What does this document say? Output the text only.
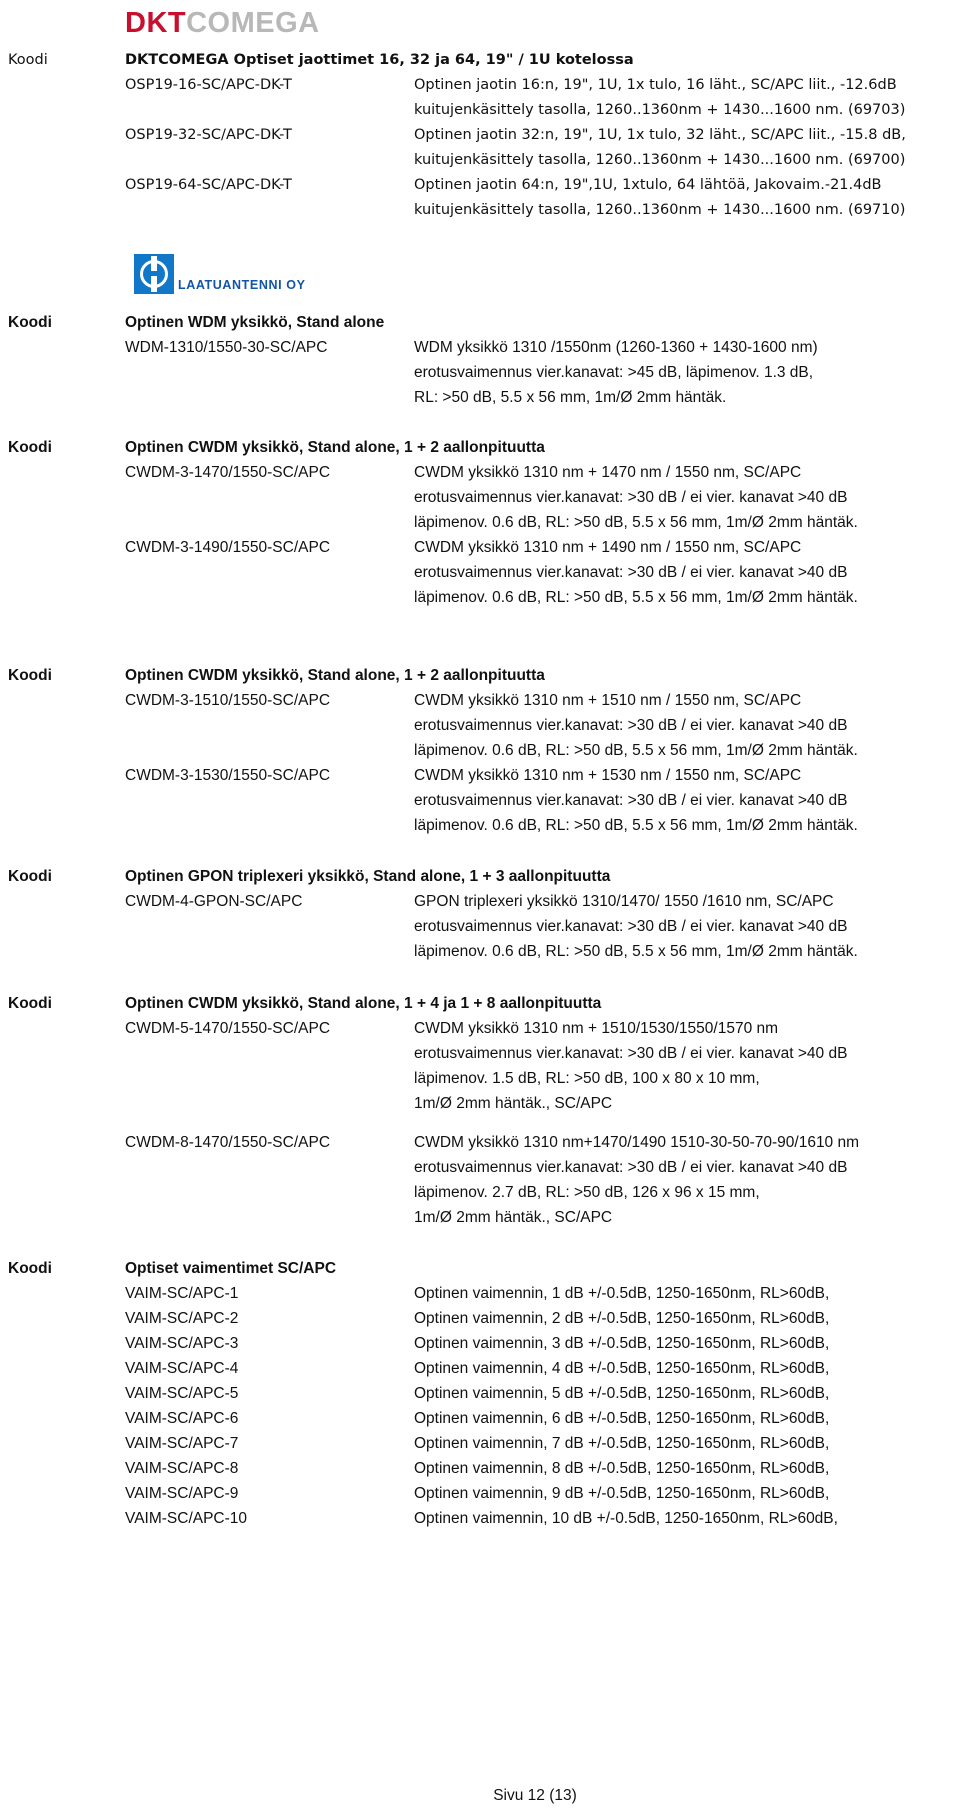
DKTCOMEGA
LAATUANTENNI OY
Koodi	DKTCOMEGA Optiset jaottimet 16, 32 ja 64, 19" / 1U kotelossa
OSP19-16-SC/APC-DK-T	Optinen jaotin 16:n, 19", 1U, 1x tulo, 16 läht., SC/APC liit., -12.6dB
kuitujenkäsittely tasolla, 1260..1360nm + 1430...1600 nm. (69703)
OSP19-32-SC/APC-DK-T	Optinen jaotin 32:n, 19", 1U, 1x tulo, 32 läht., SC/APC liit., -15.8 dB,
kuitujenkäsittely tasolla, 1260..1360nm + 1430...1600 nm. (69700)
OSP19-64-SC/APC-DK-T	Optinen jaotin 64:n, 19",1U, 1xtulo, 64 lähtöä, Jakovaim.-21.4dB
kuitujenkäsittely tasolla, 1260..1360nm + 1430...1600 nm. (69710)
Koodi	Optinen WDM yksikkö, Stand alone
WDM-1310/1550-30-SC/APC	WDM yksikkö 1310 /1550nm (1260-1360 + 1430-1600 nm)
erotusvaimennus vier.kanavat: >45 dB, läpimenov. 1.3 dB,
RL: >50 dB, 5.5 x 56 mm, 1m/Ø 2mm häntäk.
Koodi	Optinen CWDM yksikkö, Stand alone, 1 + 2 aallonpituutta
CWDM-3-1470/1550-SC/APC	CWDM yksikkö 1310 nm + 1470 nm / 1550 nm, SC/APC
erotusvaimennus vier.kanavat: >30 dB / ei vier. kanavat >40 dB
läpimenov. 0.6 dB, RL: >50 dB, 5.5 x 56 mm, 1m/Ø 2mm häntäk.
CWDM-3-1490/1550-SC/APC	CWDM yksikkö 1310 nm + 1490 nm / 1550 nm, SC/APC
erotusvaimennus vier.kanavat: >30 dB / ei vier. kanavat >40 dB
läpimenov. 0.6 dB, RL: >50 dB, 5.5 x 56 mm, 1m/Ø 2mm häntäk.
Koodi	Optinen CWDM yksikkö, Stand alone, 1 + 2 aallonpituutta
CWDM-3-1510/1550-SC/APC	CWDM yksikkö 1310 nm + 1510 nm / 1550 nm, SC/APC
erotusvaimennus vier.kanavat: >30 dB / ei vier. kanavat >40 dB
läpimenov. 0.6 dB, RL: >50 dB, 5.5 x 56 mm, 1m/Ø 2mm häntäk.
CWDM-3-1530/1550-SC/APC	CWDM yksikkö 1310 nm + 1530 nm / 1550 nm, SC/APC
erotusvaimennus vier.kanavat: >30 dB / ei vier. kanavat >40 dB
läpimenov. 0.6 dB, RL: >50 dB, 5.5 x 56 mm, 1m/Ø 2mm häntäk.
Koodi	Optinen GPON triplexeri yksikkö, Stand alone, 1 + 3 aallonpituutta
CWDM-4-GPON-SC/APC	GPON triplexeri yksikkö 1310/1470/ 1550 /1610 nm, SC/APC
erotusvaimennus vier.kanavat: >30 dB / ei vier. kanavat >40 dB
läpimenov. 0.6 dB, RL: >50 dB, 5.5 x 56 mm, 1m/Ø 2mm häntäk.
Koodi	Optinen CWDM yksikkö, Stand alone, 1 + 4 ja 1 + 8 aallonpituutta
CWDM-5-1470/1550-SC/APC	CWDM yksikkö 1310 nm + 1510/1530/1550/1570 nm
erotusvaimennus vier.kanavat: >30 dB / ei vier. kanavat >40 dB
läpimenov. 1.5 dB, RL: >50 dB, 100 x 80 x 10 mm,
1m/Ø 2mm häntäk., SC/APC
CWDM-8-1470/1550-SC/APC	CWDM yksikkö 1310 nm+1470/1490 1510-30-50-70-90/1610 nm
erotusvaimennus vier.kanavat: >30 dB / ei vier. kanavat >40 dB
läpimenov. 2.7 dB, RL: >50 dB, 126 x 96 x 15 mm,
1m/Ø 2mm häntäk., SC/APC
Koodi	Optiset vaimentimet SC/APC
VAIM-SC/APC-1	Optinen vaimennin, 1 dB +/-0.5dB, 1250-1650nm, RL>60dB,
VAIM-SC/APC-2	Optinen vaimennin, 2 dB +/-0.5dB, 1250-1650nm, RL>60dB,
VAIM-SC/APC-3	Optinen vaimennin, 3 dB +/-0.5dB, 1250-1650nm, RL>60dB,
VAIM-SC/APC-4	Optinen vaimennin, 4 dB +/-0.5dB, 1250-1650nm, RL>60dB,
VAIM-SC/APC-5	Optinen vaimennin, 5 dB +/-0.5dB, 1250-1650nm, RL>60dB,
VAIM-SC/APC-6	Optinen vaimennin, 6 dB +/-0.5dB, 1250-1650nm, RL>60dB,
VAIM-SC/APC-7	Optinen vaimennin, 7 dB +/-0.5dB, 1250-1650nm, RL>60dB,
VAIM-SC/APC-8	Optinen vaimennin, 8 dB +/-0.5dB, 1250-1650nm, RL>60dB,
VAIM-SC/APC-9	Optinen vaimennin, 9 dB +/-0.5dB, 1250-1650nm, RL>60dB,
VAIM-SC/APC-10	Optinen vaimennin, 10 dB +/-0.5dB, 1250-1650nm, RL>60dB,
Sivu 12 (13)
